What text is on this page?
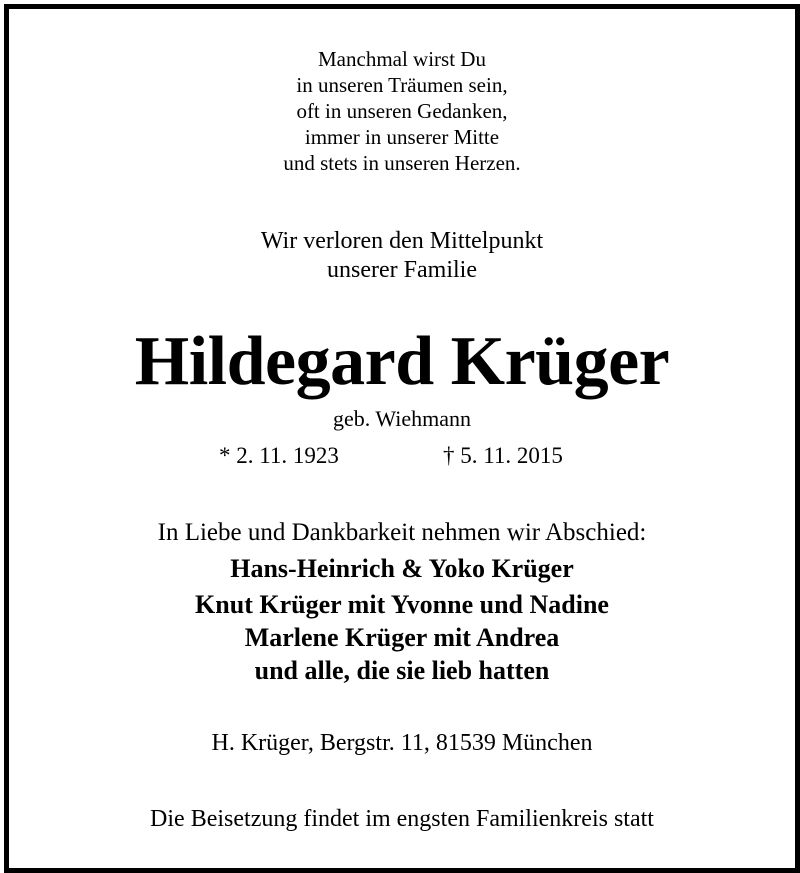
Manchmal wirst Du
in unseren Träumen sein,
oft in unseren Gedanken,
immer in unserer Mitte
und stets in unseren Herzen.
Wir verloren den Mittelpunkt
unserer Familie
Hildegard Krüger
geb. Wiehmann
* 2. 11. 1923	† 5. 11. 2015
In Liebe und Dankbarkeit nehmen wir Abschied:
Hans-Heinrich & Yoko Krüger
Knut Krüger mit Yvonne und Nadine
Marlene Krüger mit Andrea
und alle, die sie lieb hatten
H. Krüger, Bergstr. 11, 81539 München
Die Beisetzung findet im engsten Familienkreis statt
